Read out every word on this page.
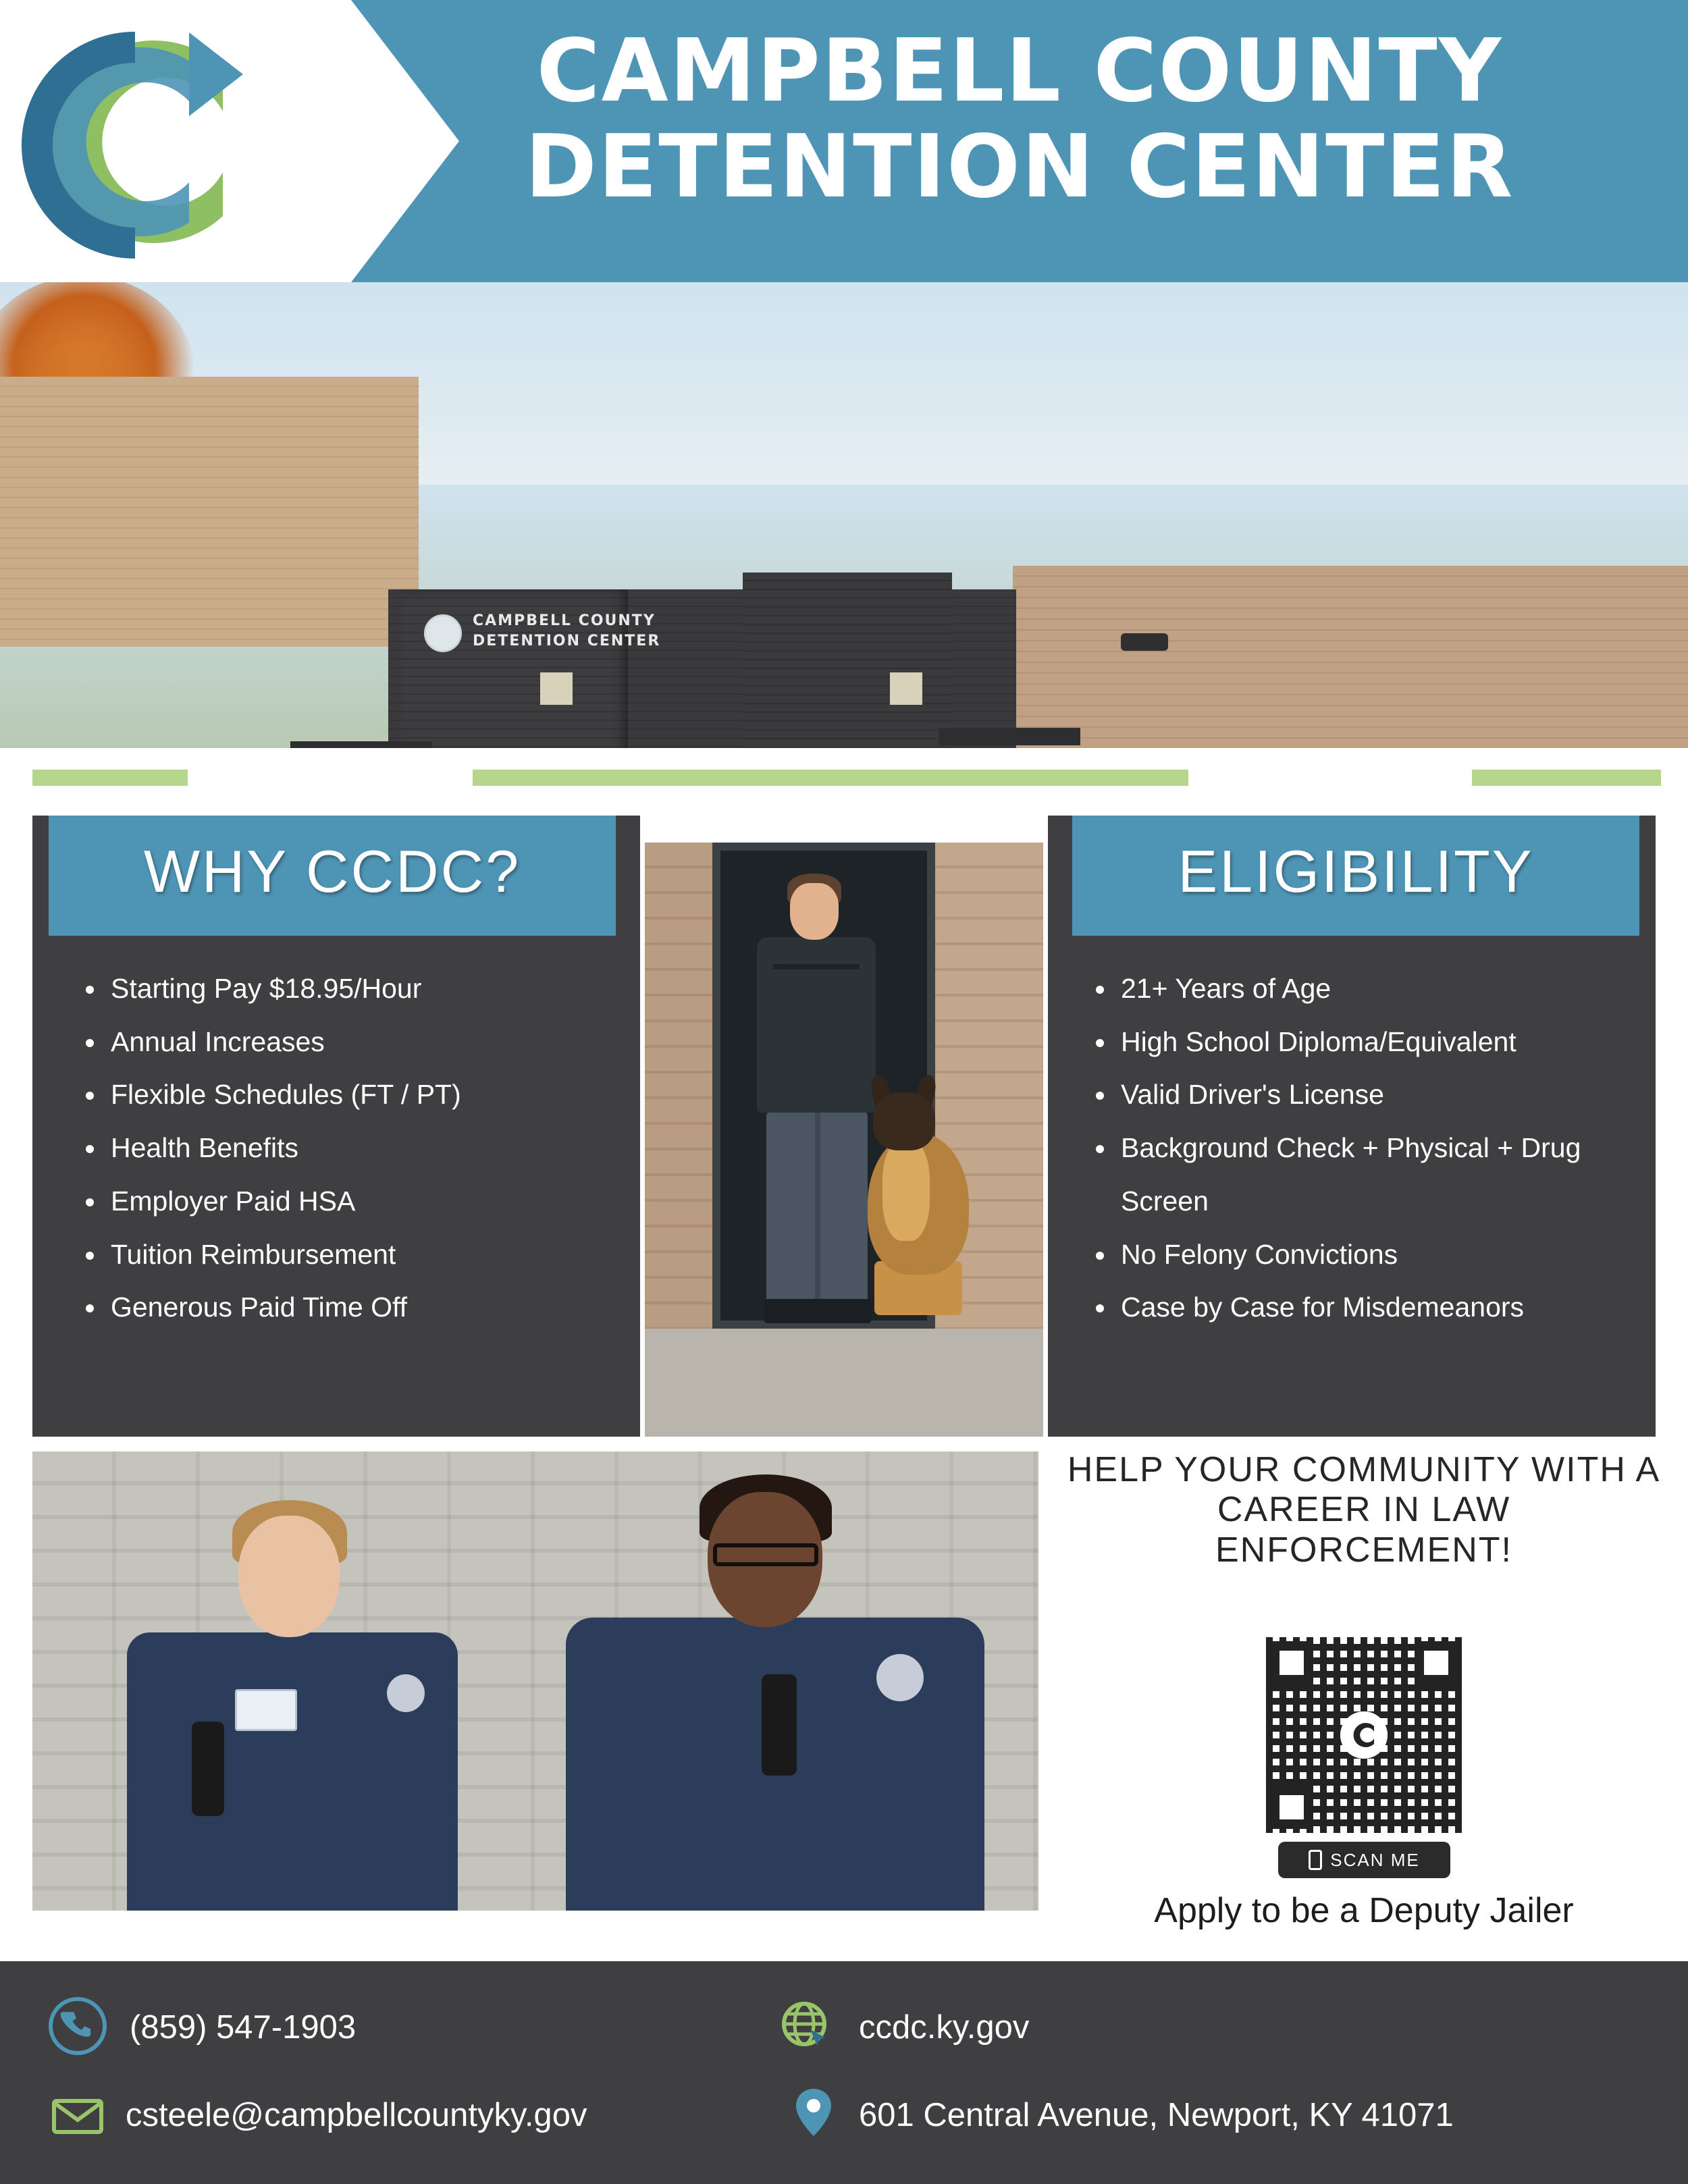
CAMPBELL COUNTY
DETENTION CENTER
CAMPBELL COUNTY
DETENTION CENTER
WHY CCDC?
• Starting Pay $18.95/Hour
• Annual Increases
• Flexible Schedules (FT / PT)
• Health Benefits
• Employer Paid HSA
• Tuition Reimbursement
• Generous Paid Time Off
ELIGIBILITY
• 21+ Years of Age
• High School Diploma/Equivalent
• Valid Driver's License
• Background Check + Physical + Drug Screen
• No Felony Convictions
• Case by Case for Misdemeanors
HELP YOUR COMMUNITY WITH A CAREER IN LAW ENFORCEMENT!
SCAN ME
Apply to be a Deputy Jailer
(859) 547-1903
csteele@campbellcountyky.gov
ccdc.ky.gov
601 Central Avenue, Newport, KY 41071
